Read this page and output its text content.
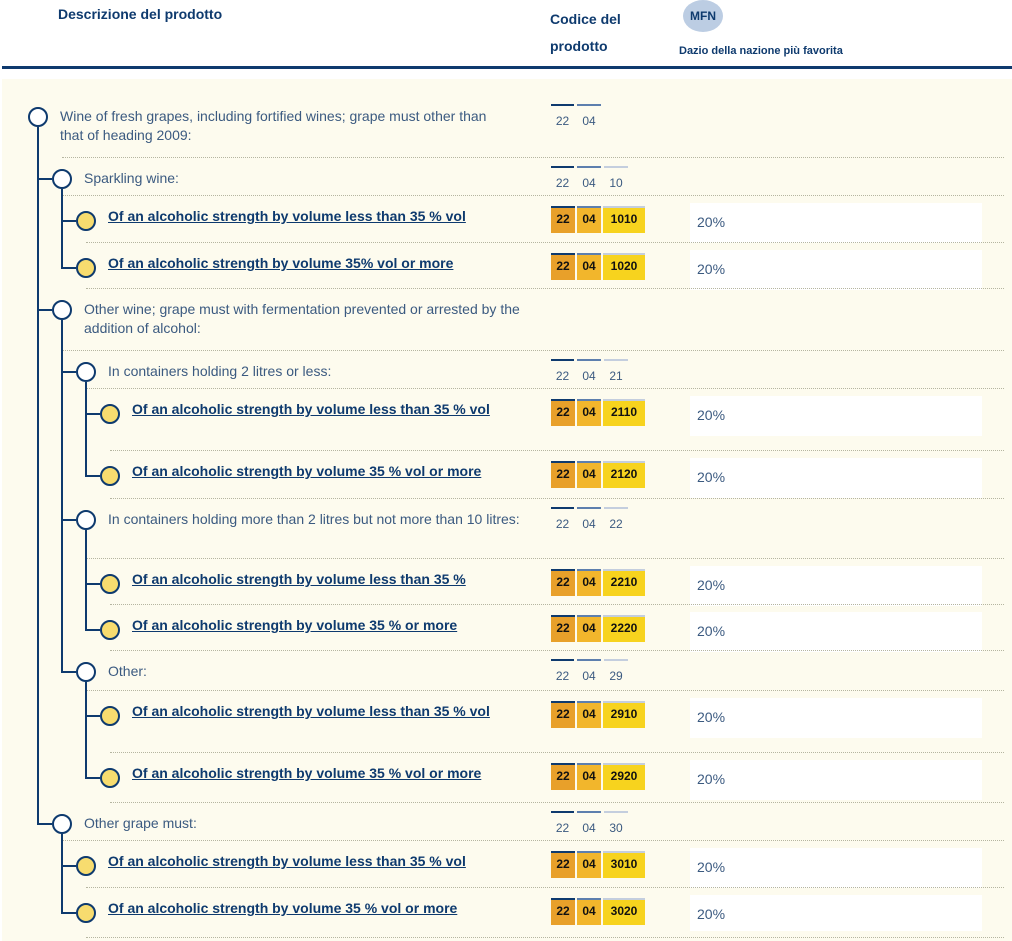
Descrizione del prodotto	Codice del prodotto
MFN
Dazio della nazione più favorita
Wine of fresh grapes, including fortified wines; grape must other than that of heading 2009:
22	04
Sparkling wine:	22	04	10
Of an alcoholic strength by volume less than 35 % vol	22	04	1010	20%
Of an alcoholic strength by volume 35% vol or more	22	04	1020	20%
Other wine; grape must with fermentation prevented or arrested by the addition of alcohol:
In containers holding 2 litres or less:	22	04	21
Of an alcoholic strength by volume less than 35 % vol	22	04	2110	20%
Of an alcoholic strength by volume 35 % vol or more	22	04	2120	20%
In containers holding more than 2 litres but not more than 10 litres:	22	04	22
Of an alcoholic strength by volume less than 35 %	22	04	2210	20%
Of an alcoholic strength by volume 35 % or more	22	04	2220	20%
Other:	22	04	29
Of an alcoholic strength by volume less than 35 % vol	22	04	2910	20%
Of an alcoholic strength by volume 35 % vol or more	22	04	2920	20%
Other grape must:	22	04	30
Of an alcoholic strength by volume less than 35 % vol	22	04	3010	20%
Of an alcoholic strength by volume 35 % vol or more	22	04	3020	20%
